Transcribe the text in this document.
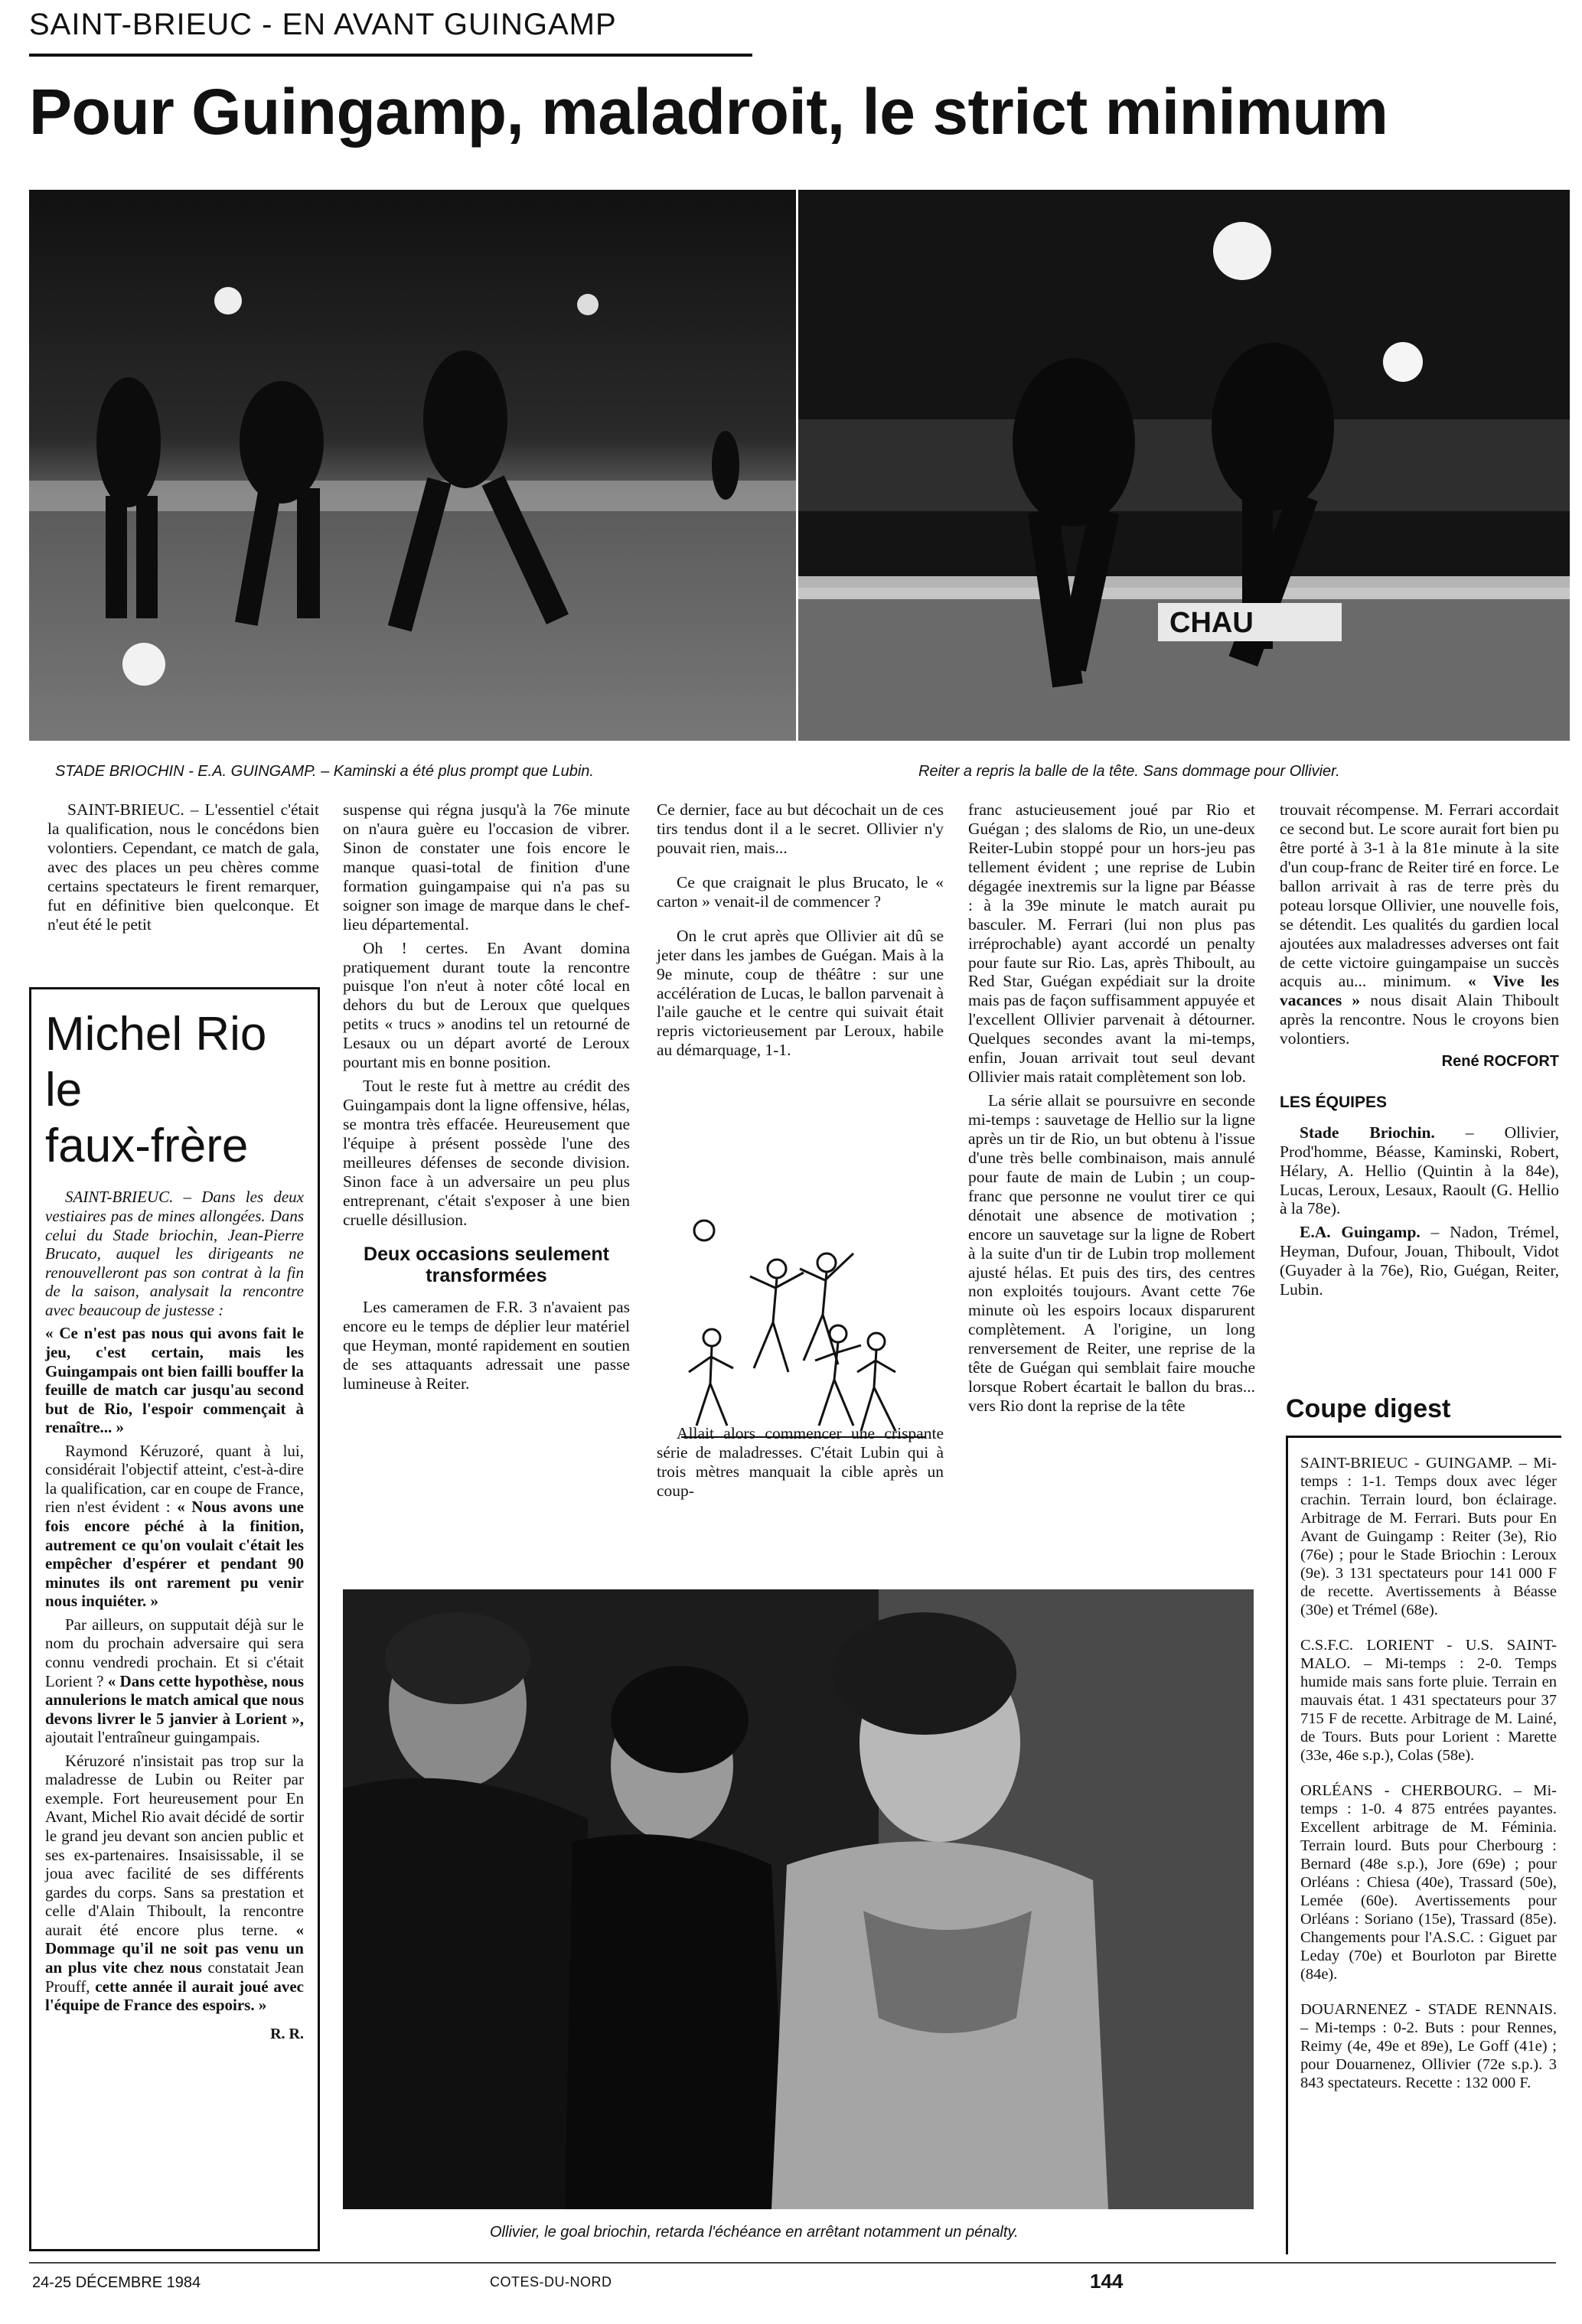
SAINT-BRIEUC - EN AVANT GUINGAMP
Pour Guingamp, maladroit, le strict minimum
CHAU
STADE BRIOCHIN - E.A. GUINGAMP. – Kaminski a été plus prompt que Lubin.	Reiter a repris la balle de la tête. Sans dommage pour Ollivier.

SAINT-BRIEUC. – L'essentiel c'était la qualification, nous le concédons bien volontiers. Cependant, ce match de gala, avec des places un peu chères comme certains spectateurs le firent remarquer, fut en définitive bien quelconque. Et n'eut été le petit

Michel Rio
le
faux-frère

SAINT-BRIEUC. – Dans les deux vestiaires pas de mines allongées. Dans celui du Stade briochin, Jean-Pierre Brucato, auquel les dirigeants ne renouvelleront pas son contrat à la fin de la saison, analysait la rencontre avec beaucoup de justesse :

« Ce n'est pas nous qui avons fait le jeu, c'est certain, mais les Guingampais ont bien failli bouffer la feuille de match car jusqu'au second but de Rio, l'espoir commençait à renaître... »

Raymond Kéruzoré, quant à lui, considérait l'objectif atteint, c'est-à-dire la qualification, car en coupe de France, rien n'est évident : « Nous avons une fois encore péché à la finition, autrement ce qu'on voulait c'était les empêcher d'espérer et pendant 90 minutes ils ont rarement pu venir nous inquiéter. »

Par ailleurs, on supputait déjà sur le nom du prochain adversaire qui sera connu vendredi prochain. Et si c'était Lorient ? « Dans cette hypothèse, nous annulerions le match amical que nous devons livrer le 5 janvier à Lorient », ajoutait l'entraîneur guingampais.

Kéruzoré n'insistait pas trop sur la maladresse de Lubin ou Reiter par exemple. Fort heureusement pour En Avant, Michel Rio avait décidé de sortir le grand jeu devant son ancien public et ses ex-partenaires. Insaisissable, il se joua avec facilité de ses différents gardes du corps. Sans sa prestation et celle d'Alain Thiboult, la rencontre aurait été encore plus terne. « Dommage qu'il ne soit pas venu un an plus vite chez nous constatait Jean Prouff, cette année il aurait joué avec l'équipe de France des espoirs. »

R. R.

suspense qui régna jusqu'à la 76e minute on n'aura guère eu l'occasion de vibrer. Sinon de constater une fois encore le manque quasi-total de finition d'une formation guingampaise qui n'a pas su soigner son image de marque dans le chef-lieu départemental.

Oh ! certes. En Avant domina pratiquement durant toute la rencontre puisque l'on n'eut à noter côté local en dehors du but de Leroux que quelques petits « trucs » anodins tel un retourné de Lesaux ou un départ avorté de Leroux pourtant mis en bonne position.

Tout le reste fut à mettre au crédit des Guingampais dont la ligne offensive, hélas, se montra très effacée. Heureusement que l'équipe à présent possède l'une des meilleures défenses de seconde division. Sinon face à un adversaire un peu plus entreprenant, c'était s'exposer à une bien cruelle désillusion.

Deux occasions seulement transformées

Les cameramen de F.R. 3 n'avaient pas encore eu le temps de déplier leur matériel que Heyman, monté rapidement en soutien de ses attaquants adressait une passe lumineuse à Reiter.

Ce dernier, face au but décochait un de ces tirs tendus dont il a le secret. Ollivier n'y pouvait rien, mais...

Ce que craignait le plus Brucato, le « carton » venait-il de commencer ?

On le crut après que Ollivier ait dû se jeter dans les jambes de Guégan. Mais à la 9e minute, coup de théâtre : sur une accélération de Lucas, le ballon parvenait à l'aile gauche et le centre qui suivait était repris victorieusement par Leroux, habile au démarquage, 1-1.

Allait alors commencer une crispante série de maladresses. C'était Lubin qui à trois mètres manquait la cible après un coup-

franc astucieusement joué par Rio et Guégan ; des slaloms de Rio, un une-deux Reiter-Lubin stoppé pour un hors-jeu pas tellement évident ; une reprise de Lubin dégagée inextremis sur la ligne par Béasse : à la 39e minute le match aurait pu basculer. M. Ferrari (lui non plus pas irréprochable) ayant accordé un penalty pour faute sur Rio. Las, après Thiboult, au Red Star, Guégan expédiait sur la droite mais pas de façon suffisamment appuyée et l'excellent Ollivier parvenait à détourner. Quelques secondes avant la mi-temps, enfin, Jouan arrivait tout seul devant Ollivier mais ratait complètement son lob.

La série allait se poursuivre en seconde mi-temps : sauvetage de Hellio sur la ligne après un tir de Rio, un but obtenu à l'issue d'une très belle combinaison, mais annulé pour faute de main de Lubin ; un coup-franc que personne ne voulut tirer ce qui dénotait une absence de motivation ; encore un sauvetage sur la ligne de Robert à la suite d'un tir de Lubin trop mollement ajusté hélas. Et puis des tirs, des centres non exploités toujours. Avant cette 76e minute où les espoirs locaux disparurent complètement. A l'origine, un long renversement de Reiter, une reprise de la tête de Guégan qui semblait faire mouche lorsque Robert écartait le ballon du bras... vers Rio dont la reprise de la tête

trouvait récompense. M. Ferrari accordait ce second but. Le score aurait fort bien pu être porté à 3-1 à la 81e minute à la site d'un coup-franc de Reiter tiré en force. Le ballon arrivait à ras de terre près du poteau lorsque Ollivier, une nouvelle fois, se détendit. Les qualités du gardien local ajoutées aux maladresses adverses ont fait de cette victoire guingampaise un succès acquis au... minimum. « Vive les vacances » nous disait Alain Thiboult après la rencontre. Nous le croyons bien volontiers.

René ROCFORT
LES ÉQUIPES

Stade Briochin. – Ollivier, Prod'homme, Béasse, Kaminski, Robert, Hélary, A. Hellio (Quintin à la 84e), Lucas, Leroux, Lesaux, Raoult (G. Hellio à la 78e).

E.A. Guingamp. – Nadon, Trémel, Heyman, Dufour, Jouan, Thiboult, Vidot (Guyader à la 76e), Rio, Guégan, Reiter, Lubin.

Coupe digest

SAINT-BRIEUC - GUINGAMP. – Mi-temps : 1-1. Temps doux avec léger crachin. Terrain lourd, bon éclairage. Arbitrage de M. Ferrari. Buts pour En Avant de Guingamp : Reiter (3e), Rio (76e) ; pour le Stade Briochin : Leroux (9e). 3 131 spectateurs pour 141 000 F de recette. Avertissements à Béasse (30e) et Trémel (68e).

C.S.F.C. LORIENT - U.S. SAINT-MALO. – Mi-temps : 2-0. Temps humide mais sans forte pluie. Terrain en mauvais état. 1 431 spectateurs pour 37 715 F de recette. Arbitrage de M. Lainé, de Tours. Buts pour Lorient : Marette (33e, 46e s.p.), Colas (58e).

ORLÉANS - CHERBOURG. – Mi-temps : 1-0. 4 875 entrées payantes. Excellent arbitrage de M. Féminia. Terrain lourd. Buts pour Cherbourg : Bernard (48e s.p.), Jore (69e) ; pour Orléans : Chiesa (40e), Trassard (50e), Lemée (60e). Avertissements pour Orléans : Soriano (15e), Trassard (85e). Changements pour l'A.S.C. : Giguet par Leday (70e) et Bourloton par Birette (84e).

DOUARNENEZ - STADE RENNAIS. – Mi-temps : 0-2. Buts : pour Rennes, Reimy (4e, 49e et 89e), Le Goff (41e) ; pour Douarnenez, Ollivier (72e s.p.). 3 843 spectateurs. Recette : 132 000 F.

Ollivier, le goal briochin, retarda l'échéance en arrêtant notamment un pénalty.
24-25 DÉCEMBRE 1984	COTES-DU-NORD	144
